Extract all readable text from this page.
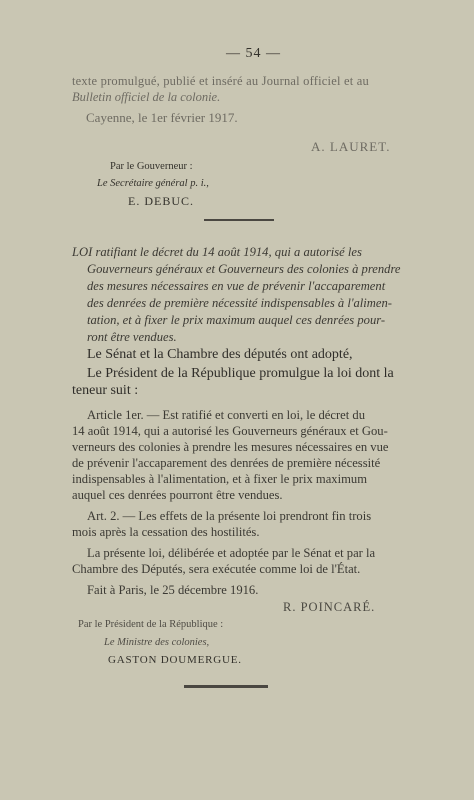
— 54 —
texte promulgué, publié et inséré au Journal officiel et au
Bulletin officiel de la colonie.
Cayenne, le 1er février 1917.
A. LAURET.
Par le Gouverneur :
Le Secrétaire général p. i.,
E. DEBUC.
LOI ratifiant le décret du 14 août 1914, qui a autorisé les
Gouverneurs généraux et Gouverneurs des colonies à prendre
des mesures nécessaires en vue de prévenir l'accaparement
des denrées de première nécessité indispensables à l'alimen-
tation, et à fixer le prix maximum auquel ces denrées pour-
ront être vendues.
Le Sénat et la Chambre des députés ont adopté,
Le Président de la République promulgue la loi dont la
teneur suit :
Article 1er. — Est ratifié et converti en loi, le décret du
14 août 1914, qui a autorisé les Gouverneurs généraux et Gou-
verneurs des colonies à prendre les mesures nécessaires en vue
de prévenir l'accaparement des denrées de première nécessité
indispensables à l'alimentation, et à fixer le prix maximum
auquel ces denrées pourront être vendues.
Art. 2. — Les effets de la présente loi prendront fin trois
mois après la cessation des hostilités.
La présente loi, délibérée et adoptée par le Sénat et par la
Chambre des Députés, sera exécutée comme loi de l'État.
Fait à Paris, le 25 décembre 1916.
R. POINCARÉ.
Par le Président de la République :
Le Ministre des colonies,
GASTON DOUMERGUE.
